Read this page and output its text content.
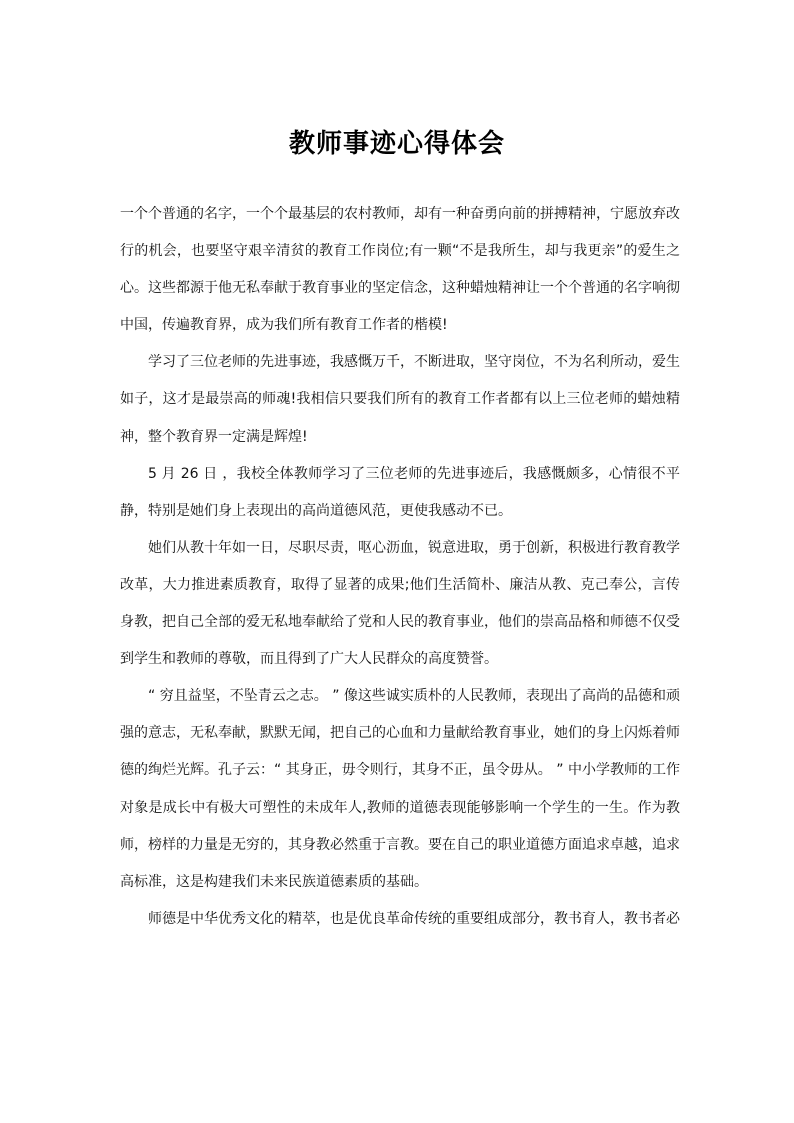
教师事迹心得体会

一个个普通的名字，一个个最基层的农村教师，却有一种奋勇向前的拼搏精神，宁愿放弃改行的机会，也要坚守艰辛清贫的教育工作岗位;有一颗“不是我所生，却与我更亲”的爱生之心。这些都源于他无私奉献于教育事业的坚定信念，这种蜡烛精神让一个个普通的名字响彻中国，传遍教育界，成为我们所有教育工作者的楷模!

学习了三位老师的先进事迹，我感慨万千，不断进取，坚守岗位，不为名利所动，爱生如子，这才是最崇高的师魂!我相信只要我们所有的教育工作者都有以上三位老师的蜡烛精神，整个教育界一定满是辉煌!

5 月 26 日 ，我校全体教师学习了三位老师的先进事迹后，我感慨颇多，心情很不平静，特别是她们身上表现出的高尚道德风范，更使我感动不已。

她们从教十年如一日，尽职尽责，呕心沥血，锐意进取，勇于创新，积极进行教育教学改革，大力推进素质教育，取得了显著的成果;他们生活简朴、廉洁从教、克己奉公，言传身教，把自己全部的爱无私地奉献给了党和人民的教育事业，他们的崇高品格和师德不仅受到学生和教师的尊敬，而且得到了广大人民群众的高度赞誉。

“ 穷且益坚，不坠青云之志。 ” 像这些诚实质朴的人民教师，表现出了高尚的品德和顽强的意志，无私奉献，默默无闻，把自己的心血和力量献给教育事业，她们的身上闪烁着师德的绚烂光辉。孔子云：“ 其身正，毋令则行，其身不正，虽令毋从。 ” 中小学教师的工作对象是成长中有极大可塑性的未成年人,教师的道德表现能够影响一个学生的一生。作为教师，榜样的力量是无穷的，其身教必然重于言教。要在自己的职业道德方面追求卓越，追求高标准，这是构建我们未来民族道德素质的基础。

师德是中华优秀文化的精萃，也是优良革命传统的重要组成部分，教书育人，教书者必
